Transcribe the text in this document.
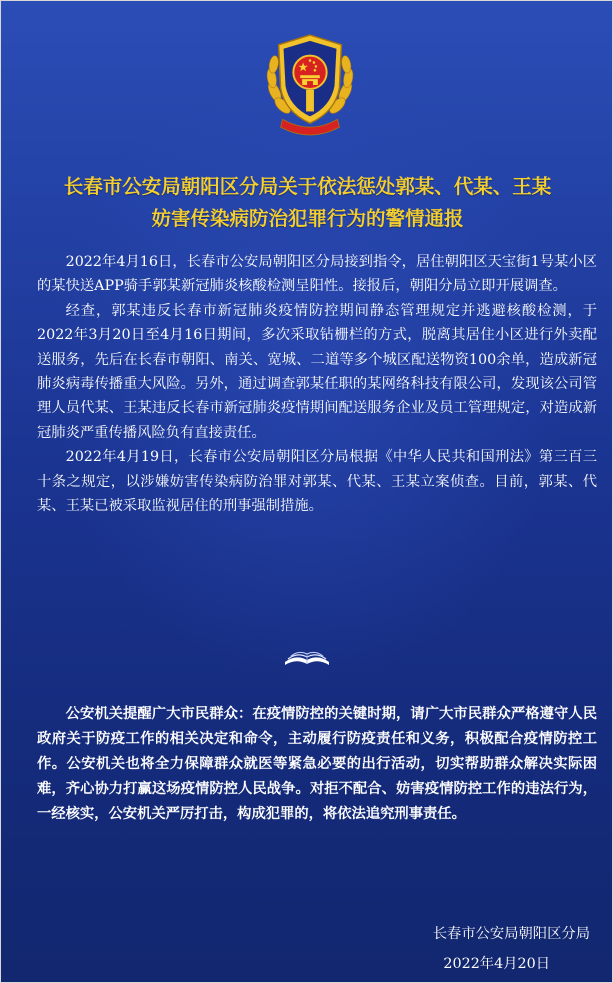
长春市公安局朝阳区分局关于依法惩处郭某、代某、王某
妨害传染病防治犯罪行为的警情通报

2022年4月16日，长春市公安局朝阳区分局接到指令，居住朝阳区天宝街1号某小区的某快送APP骑手郭某新冠肺炎核酸检测呈阳性。接报后，朝阳分局立即开展调查。

经查，郭某违反长春市新冠肺炎疫情防控期间静态管理规定并逃避核酸检测，于2022年3月20日至4月16日期间，多次采取钻栅栏的方式，脱离其居住小区进行外卖配送服务，先后在长春市朝阳、南关、宽城、二道等多个城区配送物资100余单，造成新冠肺炎病毒传播重大风险。另外，通过调查郭某任职的某网络科技有限公司，发现该公司管理人员代某、王某违反长春市新冠肺炎疫情期间配送服务企业及员工管理规定，对造成新冠肺炎严重传播风险负有直接责任。

2022年4月19日，长春市公安局朝阳区分局根据《中华人民共和国刑法》第三百三十条之规定，以涉嫌妨害传染病防治罪对郭某、代某、王某立案侦查。目前，郭某、代某、王某已被采取监视居住的刑事强制措施。

公安机关提醒广大市民群众：在疫情防控的关键时期，请广大市民群众严格遵守人民政府关于防疫工作的相关决定和命令，主动履行防疫责任和义务，积极配合疫情防控工作。公安机关也将全力保障群众就医等紧急必要的出行活动，切实帮助群众解决实际困难，齐心协力打赢这场疫情防控人民战争。对拒不配合、妨害疫情防控工作的违法行为，一经核实，公安机关严厉打击，构成犯罪的，将依法追究刑事责任。

长春市公安局朝阳区分局
2022年4月20日
